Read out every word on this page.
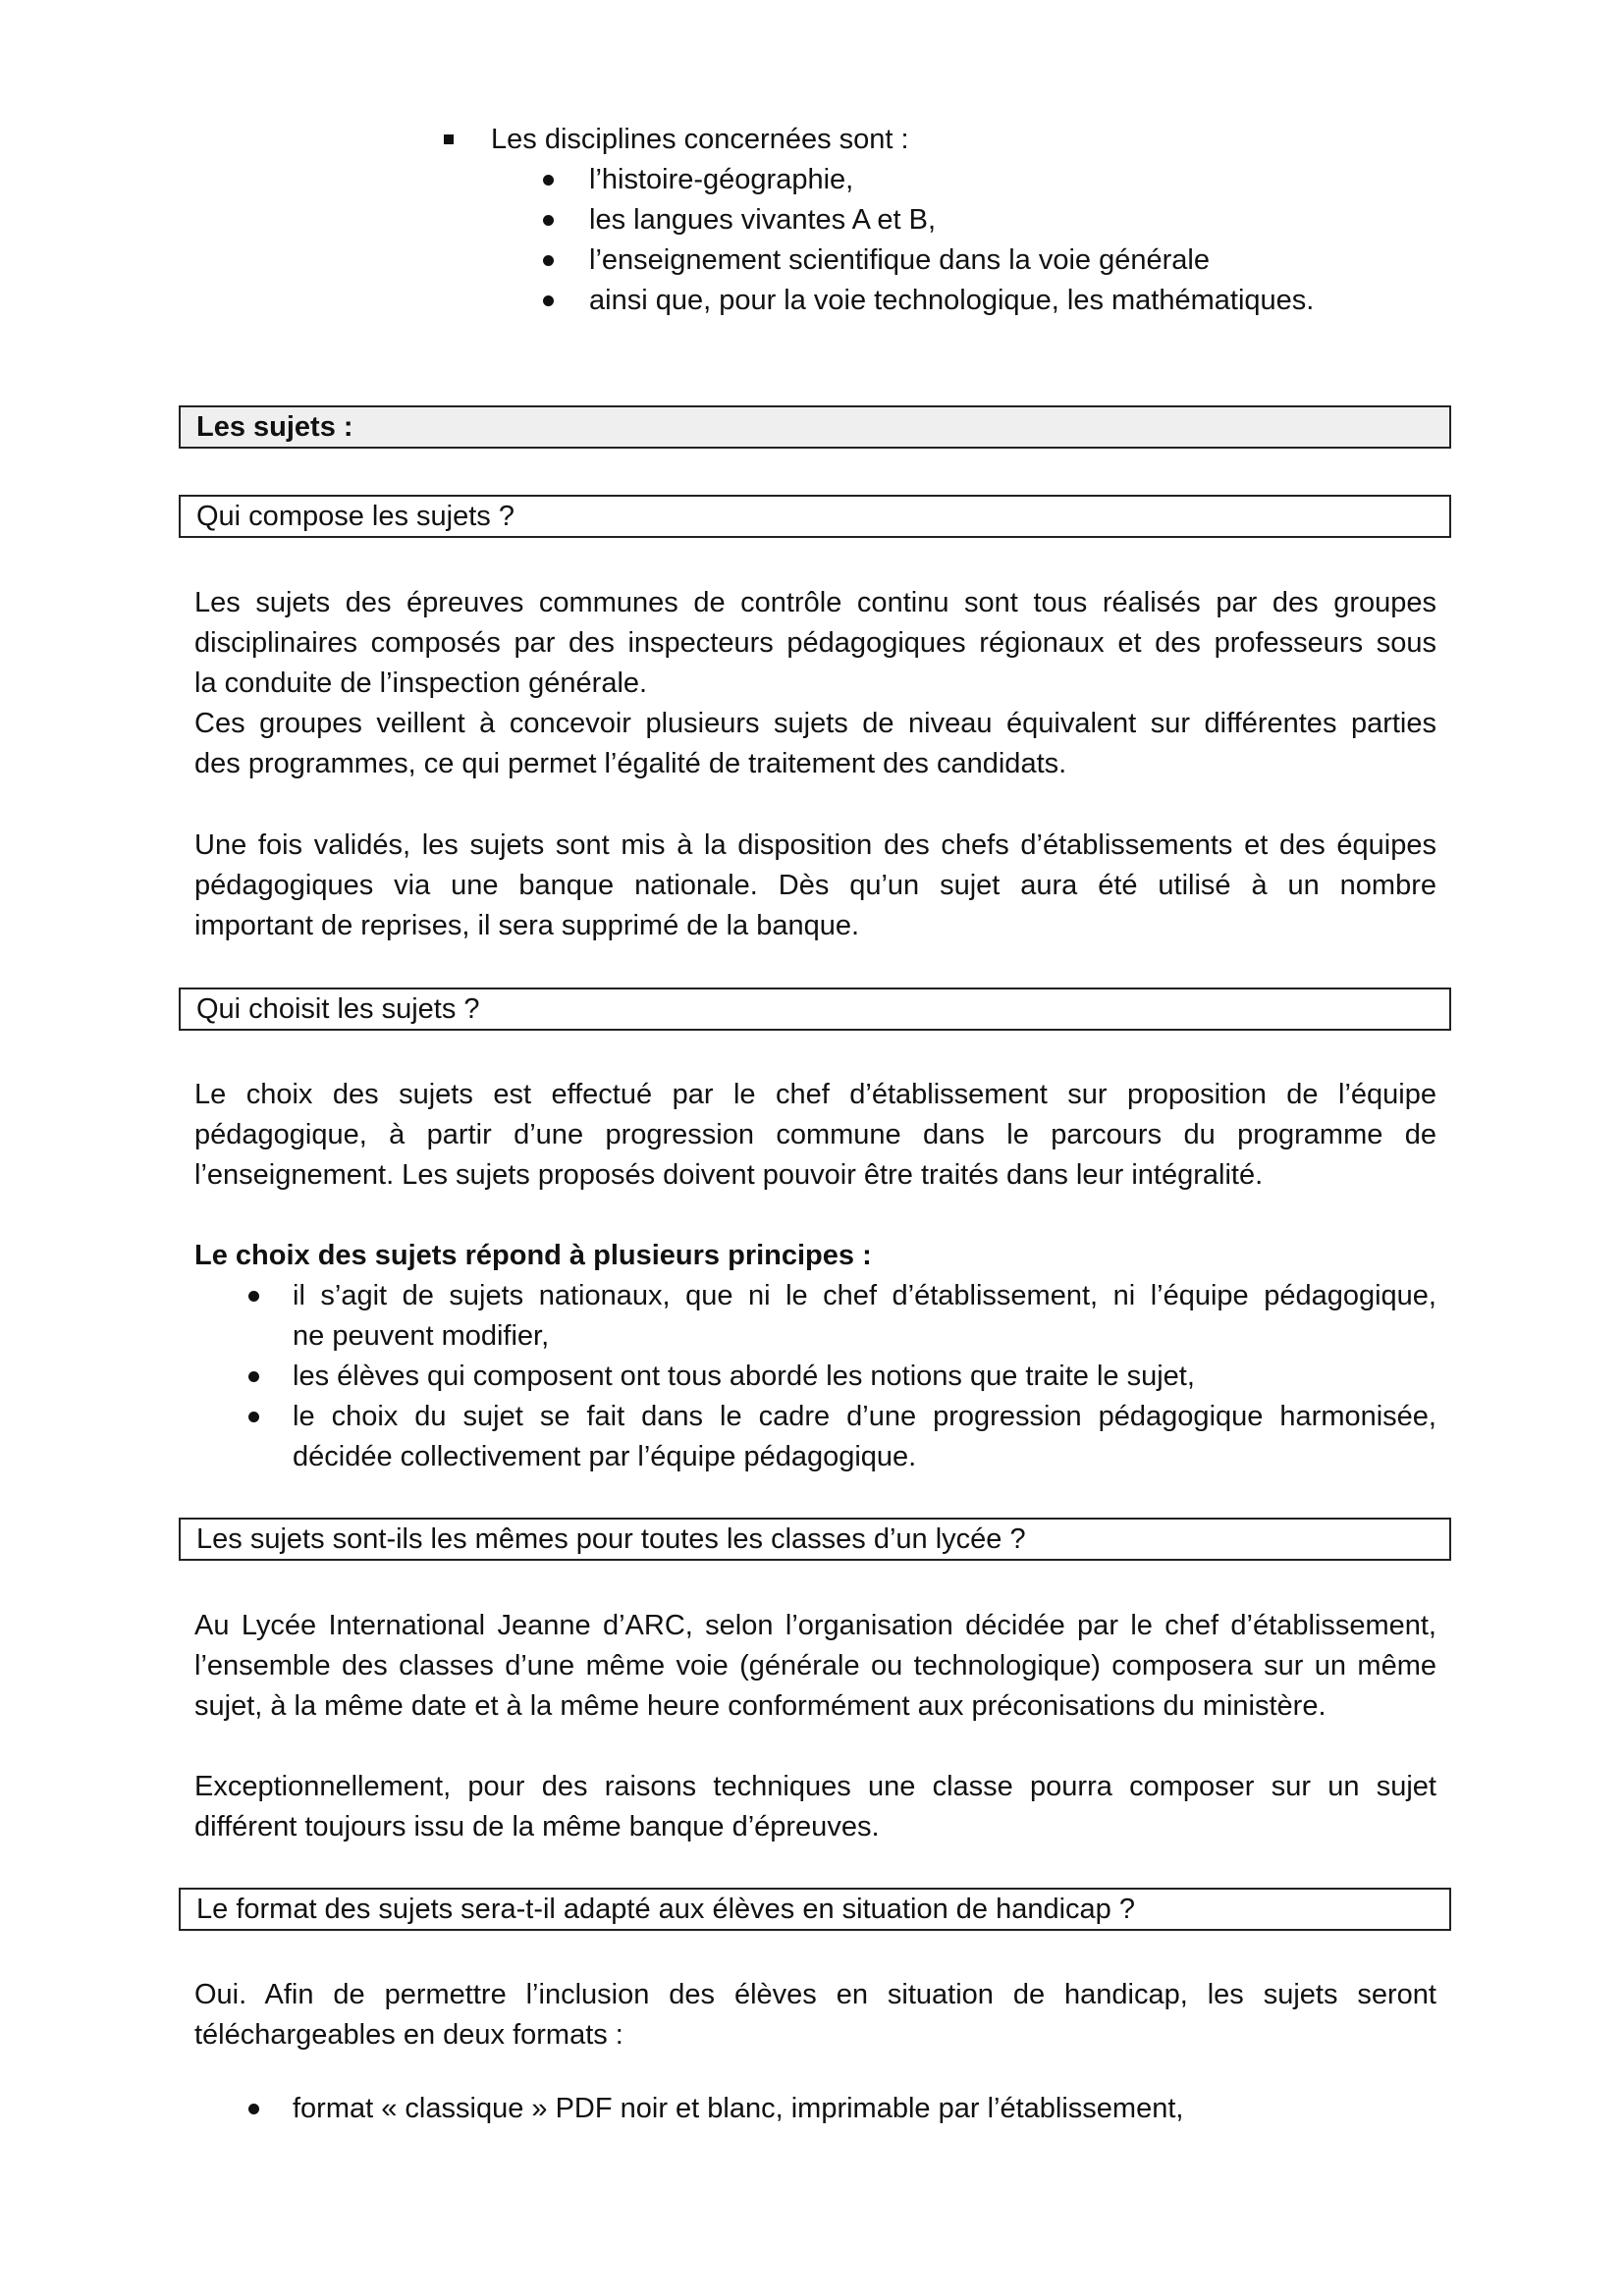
Les disciplines concernées sont :
l’histoire-géographie,
les langues vivantes A et B,
l’enseignement scientifique dans la voie générale
ainsi que, pour la voie technologique, les mathématiques.
Les sujets :
Qui compose les sujets ?
Les sujets des épreuves communes de contrôle continu sont tous réalisés par des groupes
disciplinaires composés par des inspecteurs pédagogiques régionaux et des professeurs sous
la conduite de l’inspection générale.
Ces groupes veillent à concevoir plusieurs sujets de niveau équivalent sur différentes parties
des programmes, ce qui permet l’égalité de traitement des candidats.
Une fois validés, les sujets sont mis à la disposition des chefs d’établissements et des équipes
pédagogiques via une banque nationale. Dès qu’un sujet aura été utilisé à un nombre
important de reprises, il sera supprimé de la banque.
Qui choisit les sujets ?
Le choix des sujets est effectué par le chef d’établissement sur proposition de l’équipe
pédagogique, à partir d’une progression commune dans le parcours du programme de
l’enseignement. Les sujets proposés doivent pouvoir être traités dans leur intégralité.
Le choix des sujets répond à plusieurs principes :
il s’agit de sujets nationaux, que ni le chef d’établissement, ni l’équipe pédagogique,
ne peuvent modifier,
les élèves qui composent ont tous abordé les notions que traite le sujet,
le choix du sujet se fait dans le cadre d’une progression pédagogique harmonisée,
décidée collectivement par l’équipe pédagogique.
Les sujets sont-ils les mêmes pour toutes les classes d’un lycée ?
Au Lycée International Jeanne d’ARC, selon l’organisation décidée par le chef d’établissement,
l’ensemble des classes d’une même voie (générale ou technologique) composera sur un même
sujet, à la même date et à la même heure conformément aux préconisations du ministère.
Exceptionnellement, pour des raisons techniques une classe pourra composer sur un sujet
différent toujours issu de la même banque d’épreuves.
Le format des sujets sera-t-il adapté aux élèves en situation de handicap ?
Oui. Afin de permettre l’inclusion des élèves en situation de handicap, les sujets seront
téléchargeables en deux formats :
format « classique » PDF noir et blanc, imprimable par l’établissement,
